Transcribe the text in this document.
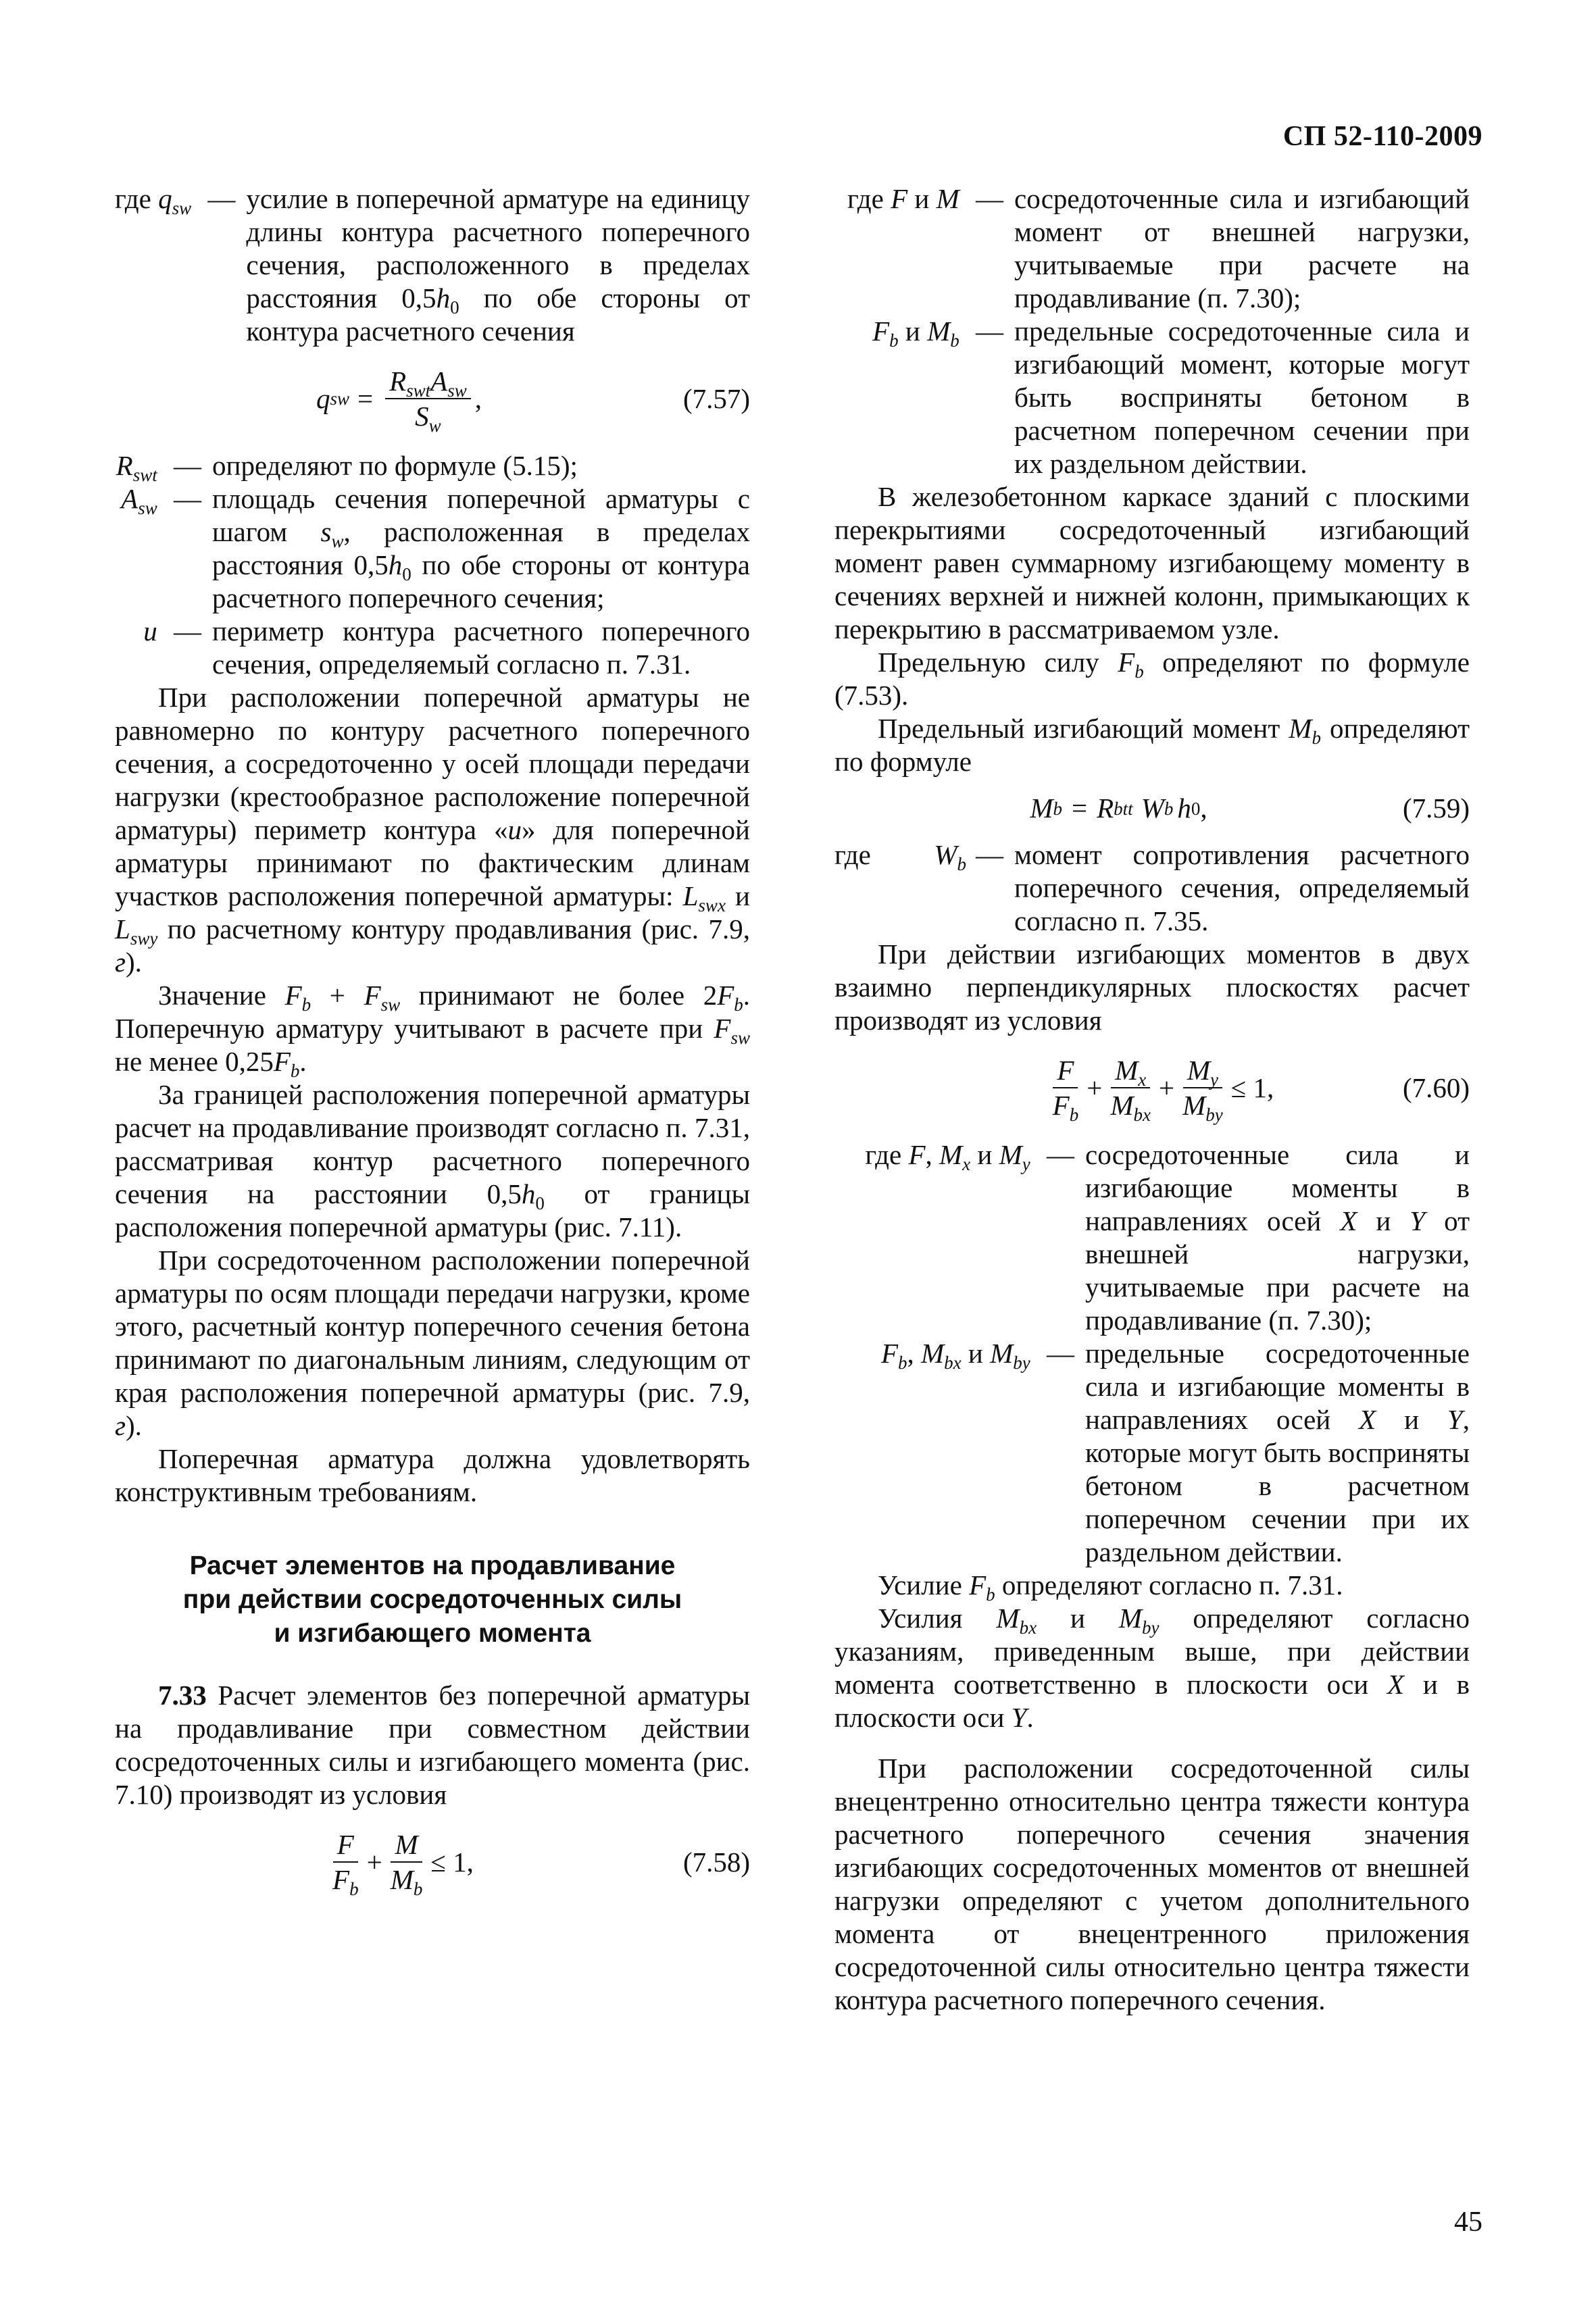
СП 52-110-2009
где $q_{sw}$ — усилие в поперечной арматуре на единицу длины контура расчетного поперечного сечения, расположенного в пределах расстояния $0,5h_0$ по обе стороны от контура расчетного сечения
q sw = $\frac{R_{swt}A_{sw}}{S_w}$ ,	(7.57)
$R_{swt}$ — определяют по формуле (5.15);
$A_{sw}$ — площадь сечения поперечной арматуры с шагом $s_w$, расположенная в пределах расстояния $0,5h_0$ по обе стороны от контура расчетного поперечного сечения;
u — периметр контура расчетного поперечного сечения, определяемый согласно п. 7.31.

При расположении поперечной арматуры не равномерно по контуру расчетного поперечного сечения, а сосредоточенно у осей площади передачи нагрузки (крестообразное расположение поперечной арматуры) периметр контура «u» для поперечной арматуры принимают по фактическим длинам участков расположения поперечной арматуры: $L_{swx}$ и $L_{swy}$ по расчетному контуру продавливания (рис. 7.9, г).

Значение $F_b + F_{sw}$ принимают не более $2F_b$. Поперечную арматуру учитывают в расчете при $F_{sw}$ не менее $0,25F_b$.

За границей расположения поперечной арматуры расчет на продавливание производят согласно п. 7.31, рассматривая контур расчетного поперечного сечения на расстоянии $0,5h_0$ от границы расположения поперечной арматуры (рис. 7.11).

При сосредоточенном расположении поперечной арматуры по осям площади передачи нагрузки, кроме этого, расчетный контур поперечного сечения бетона принимают по диагональным линиям, следующим от края расположения поперечной арматуры (рис. 7.9, г).

Поперечная арматура должна удовлетворять конструктивным требованиям.

Расчет элементов на продавливание
при действии сосредоточенных силы
и изгибающего момента

7.33 Расчет элементов без поперечной арматуры на продавливание при совместном действии сосредоточенных силы и изгибающего момента (рис. 7.10) производят из условия

$\frac{F}{F_b} + \frac{M}{M_b} \le 1$,	(7.58)
где F и M — сосредоточенные сила и изгибающий момент от внешней нагрузки, учитываемые при расчете на продавливание (п. 7.30);
$F_b$ и $M_b$ — предельные сосредоточенные сила и изгибающий момент, которые могут быть восприняты бетоном в расчетном поперечном сечении при их раздельном действии.

В железобетонном каркасе зданий с плоскими перекрытиями сосредоточенный изгибающий момент равен суммарному изгибающему моменту в сечениях верхней и нижней колонн, примыкающих к перекрытию в рассматриваемом узле.

Предельную силу $F_b$ определяют по формуле (7.53).

Предельный изгибающий момент $M_b$ определяют по формуле

M b = R btt W b h 0 ,	(7.59)
где $W_b$ — момент сопротивления расчетного поперечного сечения, определяемый согласно п. 7.35.

При действии изгибающих моментов в двух взаимно перпендикулярных плоскостях расчет производят из условия

$\frac{F}{F_b} + \frac{M_x}{M_{bx}} + \frac{M_y}{M_{by}} \le 1$,	(7.60)
где F, $M_x$ и $M_y$ — сосредоточенные сила и изгибающие моменты в направлениях осей X и Y от внешней нагрузки, учитываемые при расчете на продавливание (п. 7.30);
$F_b$, $M_{bx}$ и $M_{by}$ — предельные сосредоточенные сила и изгибающие моменты в направлениях осей X и Y, которые могут быть восприняты бетоном в расчетном поперечном сечении при их раздельном действии.

Усилие $F_b$ определяют согласно п. 7.31.

Усилия $M_{bx}$ и $M_{by}$ определяют согласно указаниям, приведенным выше, при действии момента соответственно в плоскости оси X и в плоскости оси Y.

При расположении сосредоточенной силы внецентренно относительно центра тяжести контура расчетного поперечного сечения значения изгибающих сосредоточенных моментов от внешней нагрузки определяют с учетом дополнительного момента от внецентренного приложения сосредоточенной силы относительно центра тяжести контура расчетного поперечного сечения.

45
